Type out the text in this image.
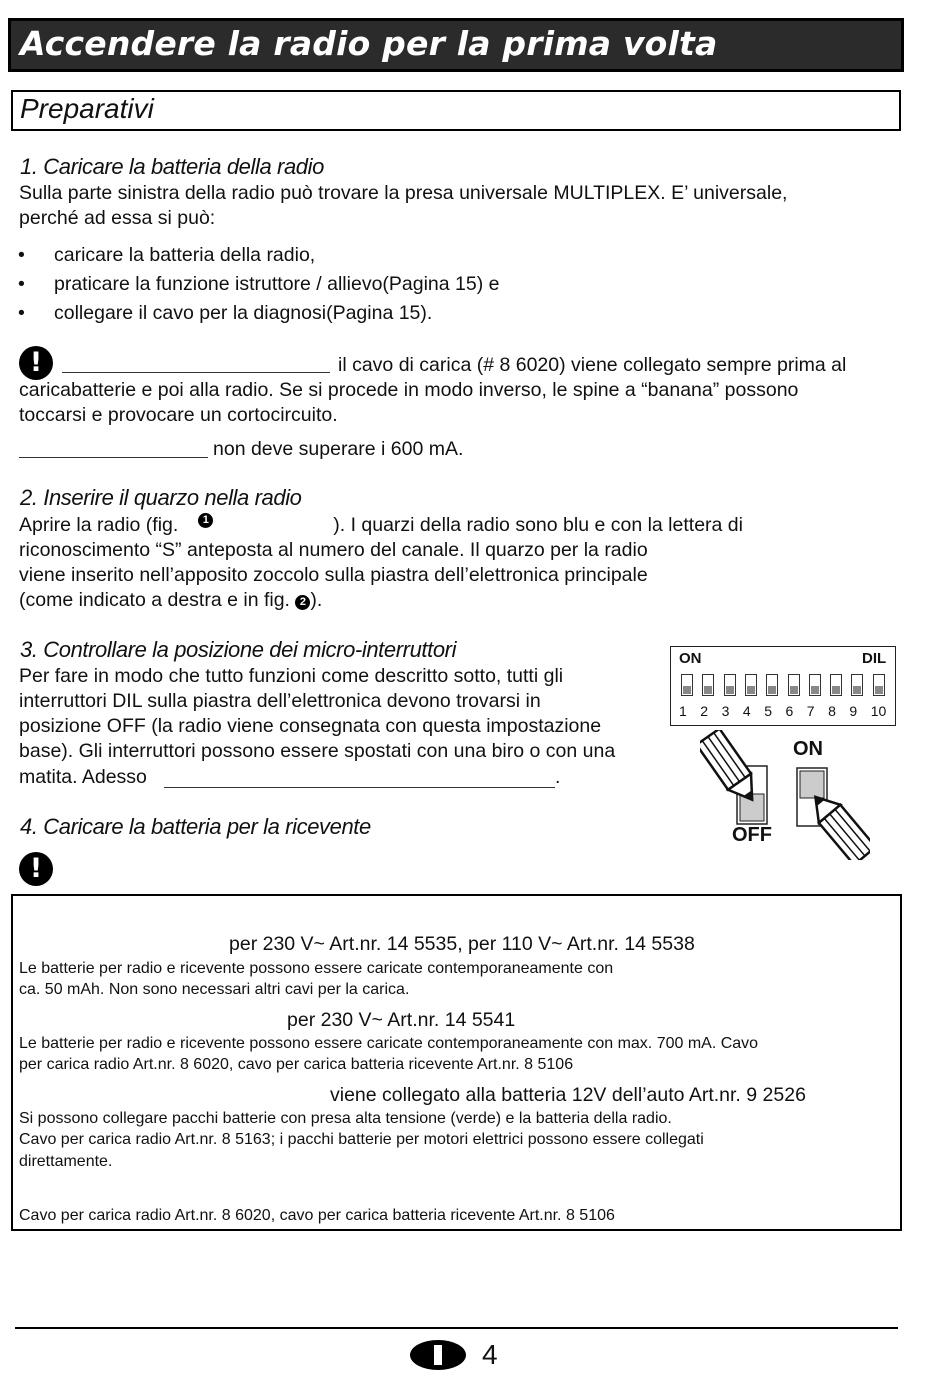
Accendere la radio per la prima volta
Preparativi
1. Caricare la batteria della radio
Sulla parte sinistra della radio può trovare la presa universale MULTIPLEX. E’ universale,
perché ad essa si può:
• caricare la batteria della radio,
• praticare la funzione istruttore / allievo(Pagina 15) e
• collegare il cavo per la diagnosi(Pagina 15).
!	il cavo di carica (# 8 6020) viene collegato sempre prima al
caricabatterie e poi alla radio. Se si procede in modo inverso, le spine a “banana” possono
toccarsi e provocare un cortocircuito.
non deve superare i 600 mA.
2. Inserire il quarzo nella radio
Aprire la radio (fig.	1	). I quarzi della radio sono blu e con la lettera di
riconoscimento “S” anteposta al numero del canale. Il quarzo per la radio
viene inserito nell’apposito zoccolo sulla piastra dell’elettronica principale
(come indicato a destra e in fig. 2 ).
3. Controllare la posizione dei micro-interruttori
Per fare in modo che tutto funzioni come descritto sotto, tutti gli
interruttori DIL sulla piastra dell’elettronica devono trovarsi in
posizione OFF (la radio viene consegnata con questa impostazione
base). Gli interruttori possono essere spostati con una biro o con una
matita. Adesso	.
ON	DIL
1 2 3 4 5 6 7 8 9 10
ON
OFF
4. Caricare la batteria per la ricevente
!
per 230 V~ Art.nr. 14 5535, per 110 V~ Art.nr. 14 5538
Le batterie per radio e ricevente possono essere caricate contemporaneamente con
ca. 50 mAh. Non sono necessari altri cavi per la carica.
per 230 V~ Art.nr. 14 5541
Le batterie per radio e ricevente possono essere caricate contemporaneamente con max. 700 mA. Cavo
per carica radio Art.nr. 8 6020, cavo per carica batteria ricevente Art.nr. 8 5106
viene collegato alla batteria 12V dell’auto Art.nr. 9 2526
Si possono collegare pacchi batterie con presa alta tensione (verde) e la batteria della radio.
Cavo per carica radio Art.nr. 8 5163; i pacchi batterie per motori elettrici possono essere collegati
direttamente.
Cavo per carica radio Art.nr. 8 6020, cavo per carica batteria ricevente Art.nr. 8 5106
4
